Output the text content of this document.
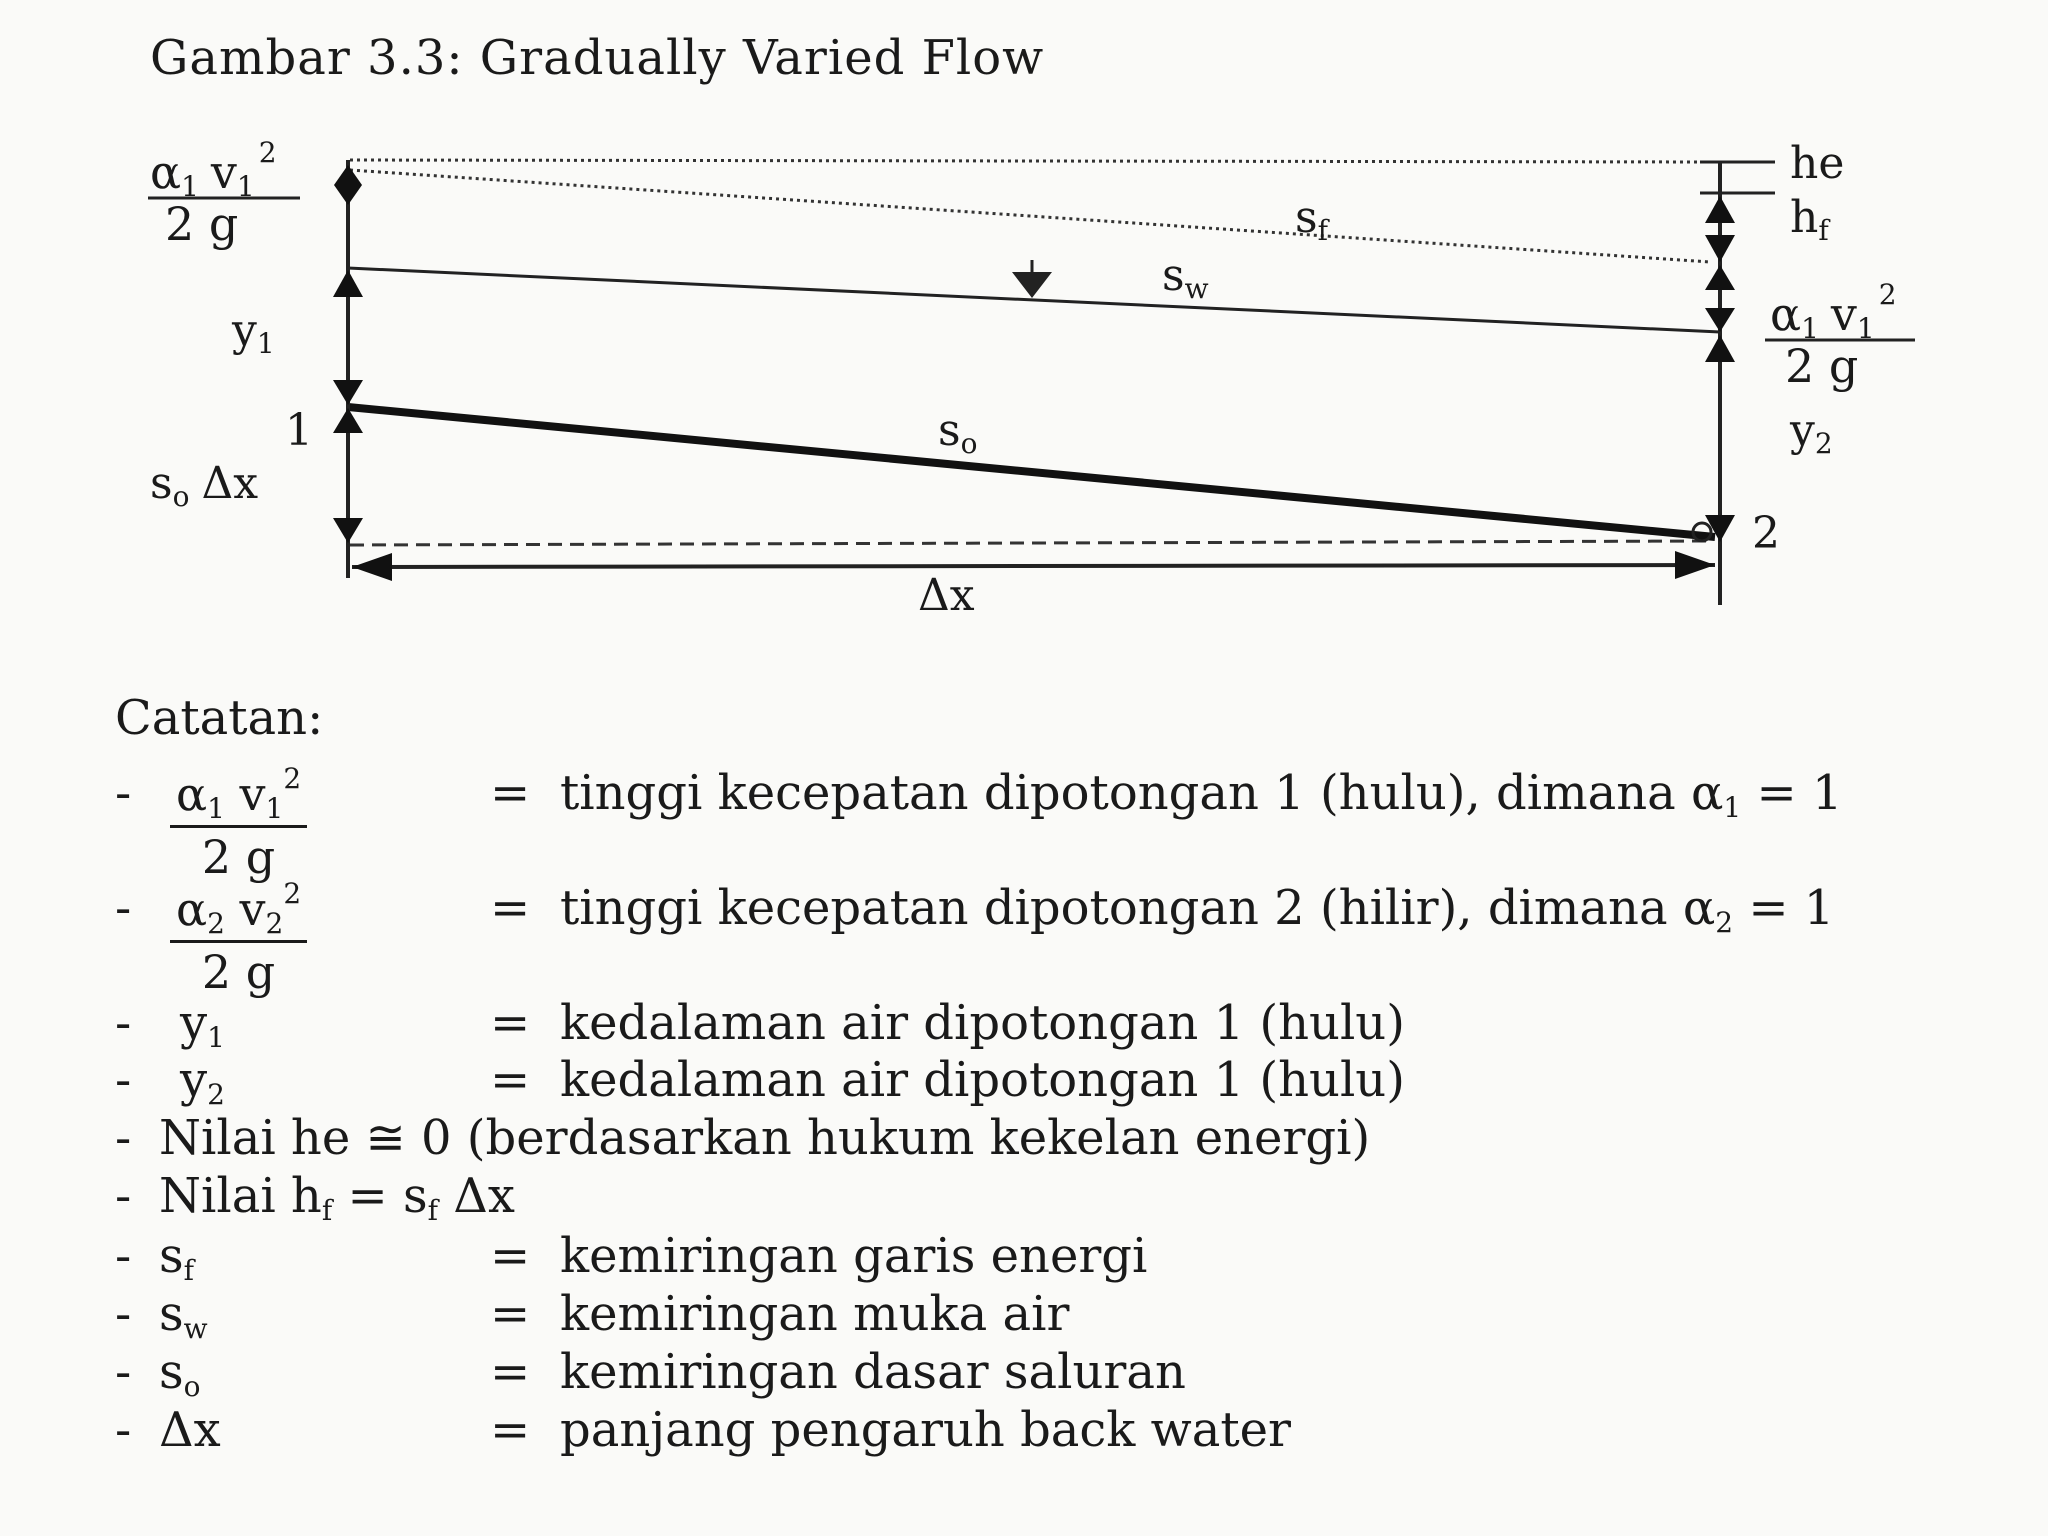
Gambar 3.3: Gradually Varied Flow
α1 $v1^2$
2 g
y1
1
so Δx
sf
sw
so
he
hf
α1 $v1^2$
2 g
y2
2
Δx
Catatan:
- $\frac{\alpha 1 v1^2}{2 g}$	= tinggi kecepatan dipotongan 1 (hulu), dimana α1 = 1
- $\frac{\alpha 2 v2^2}{2 g}$	= tinggi kecepatan dipotongan 2 (hilir), dimana α2 = 1
- y1	= kedalaman air dipotongan 1 (hulu)
- y2	= kedalaman air dipotongan 1 (hulu)
- Nilai he ≅ 0 (berdasarkan hukum kekelan energi)
- Nilai hf = sf Δx
- sf	= kemiringan garis energi
- sw	= kemiringan muka air
- so	= kemiringan dasar saluran
- Δx	= panjang pengaruh back water
